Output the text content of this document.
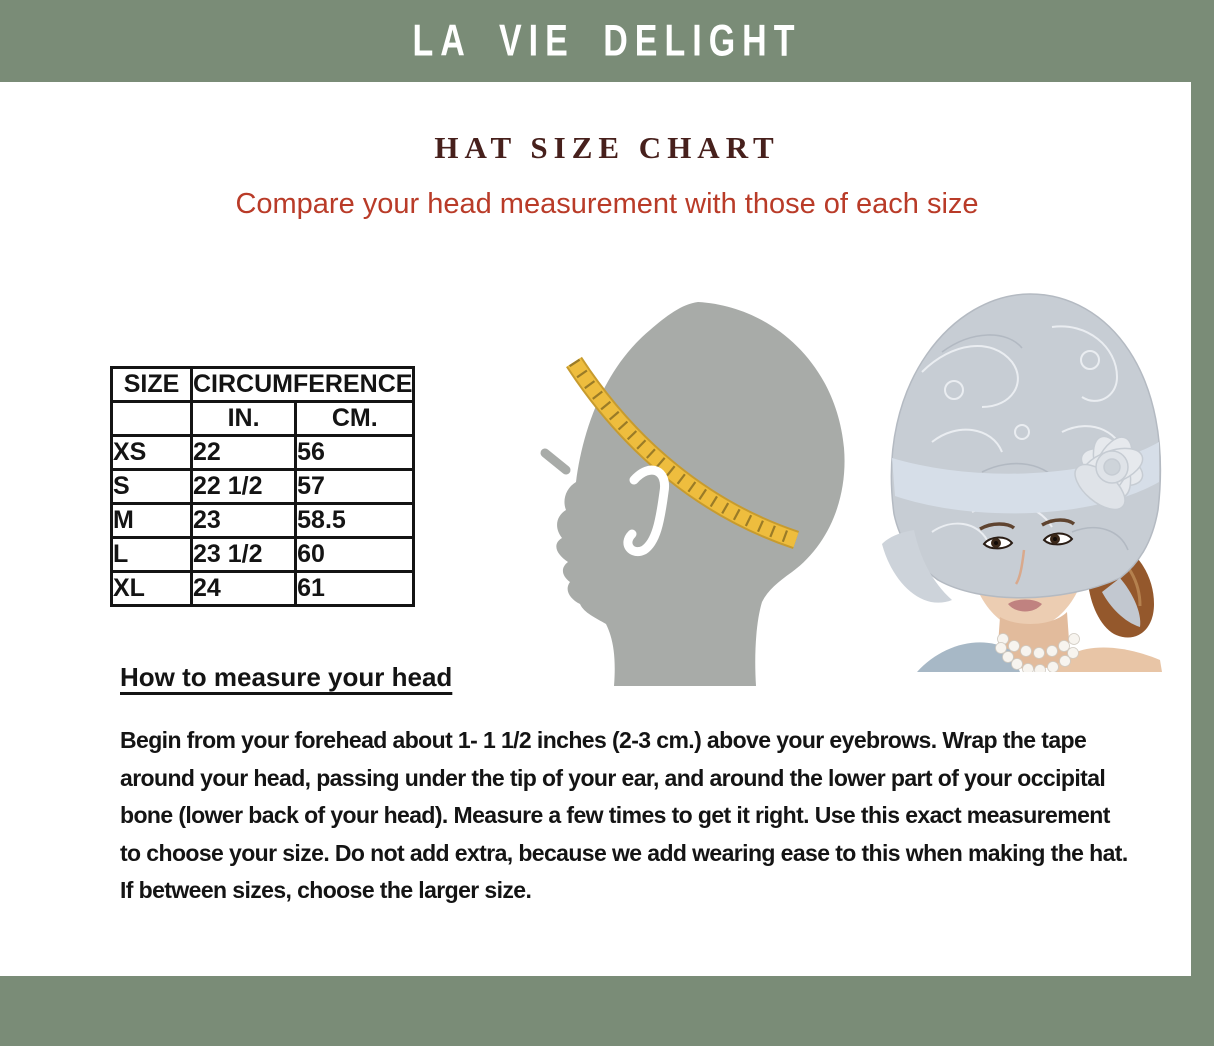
LA VIE DELIGHT
HAT SIZE CHART
Compare your head measurement with those of each size
SIZE	CIRCUMFERENCE	
	IN.	CM.
XS	22	56
S	22 1/2	57
M	23	58.5
L	23 1/2	60
XL	24	61
How to measure your head
Begin from your forehead about 1- 1 1/2 inches (2-3 cm.) above your eyebrows. Wrap the tape
around your head, passing under the tip of your ear, and around the lower part of your occipital
bone (lower back of your head). Measure a few times to get it right. Use this exact measurement
to choose your size. Do not add extra, because we add wearing ease to this when making the hat.
If between sizes, choose the larger size.
